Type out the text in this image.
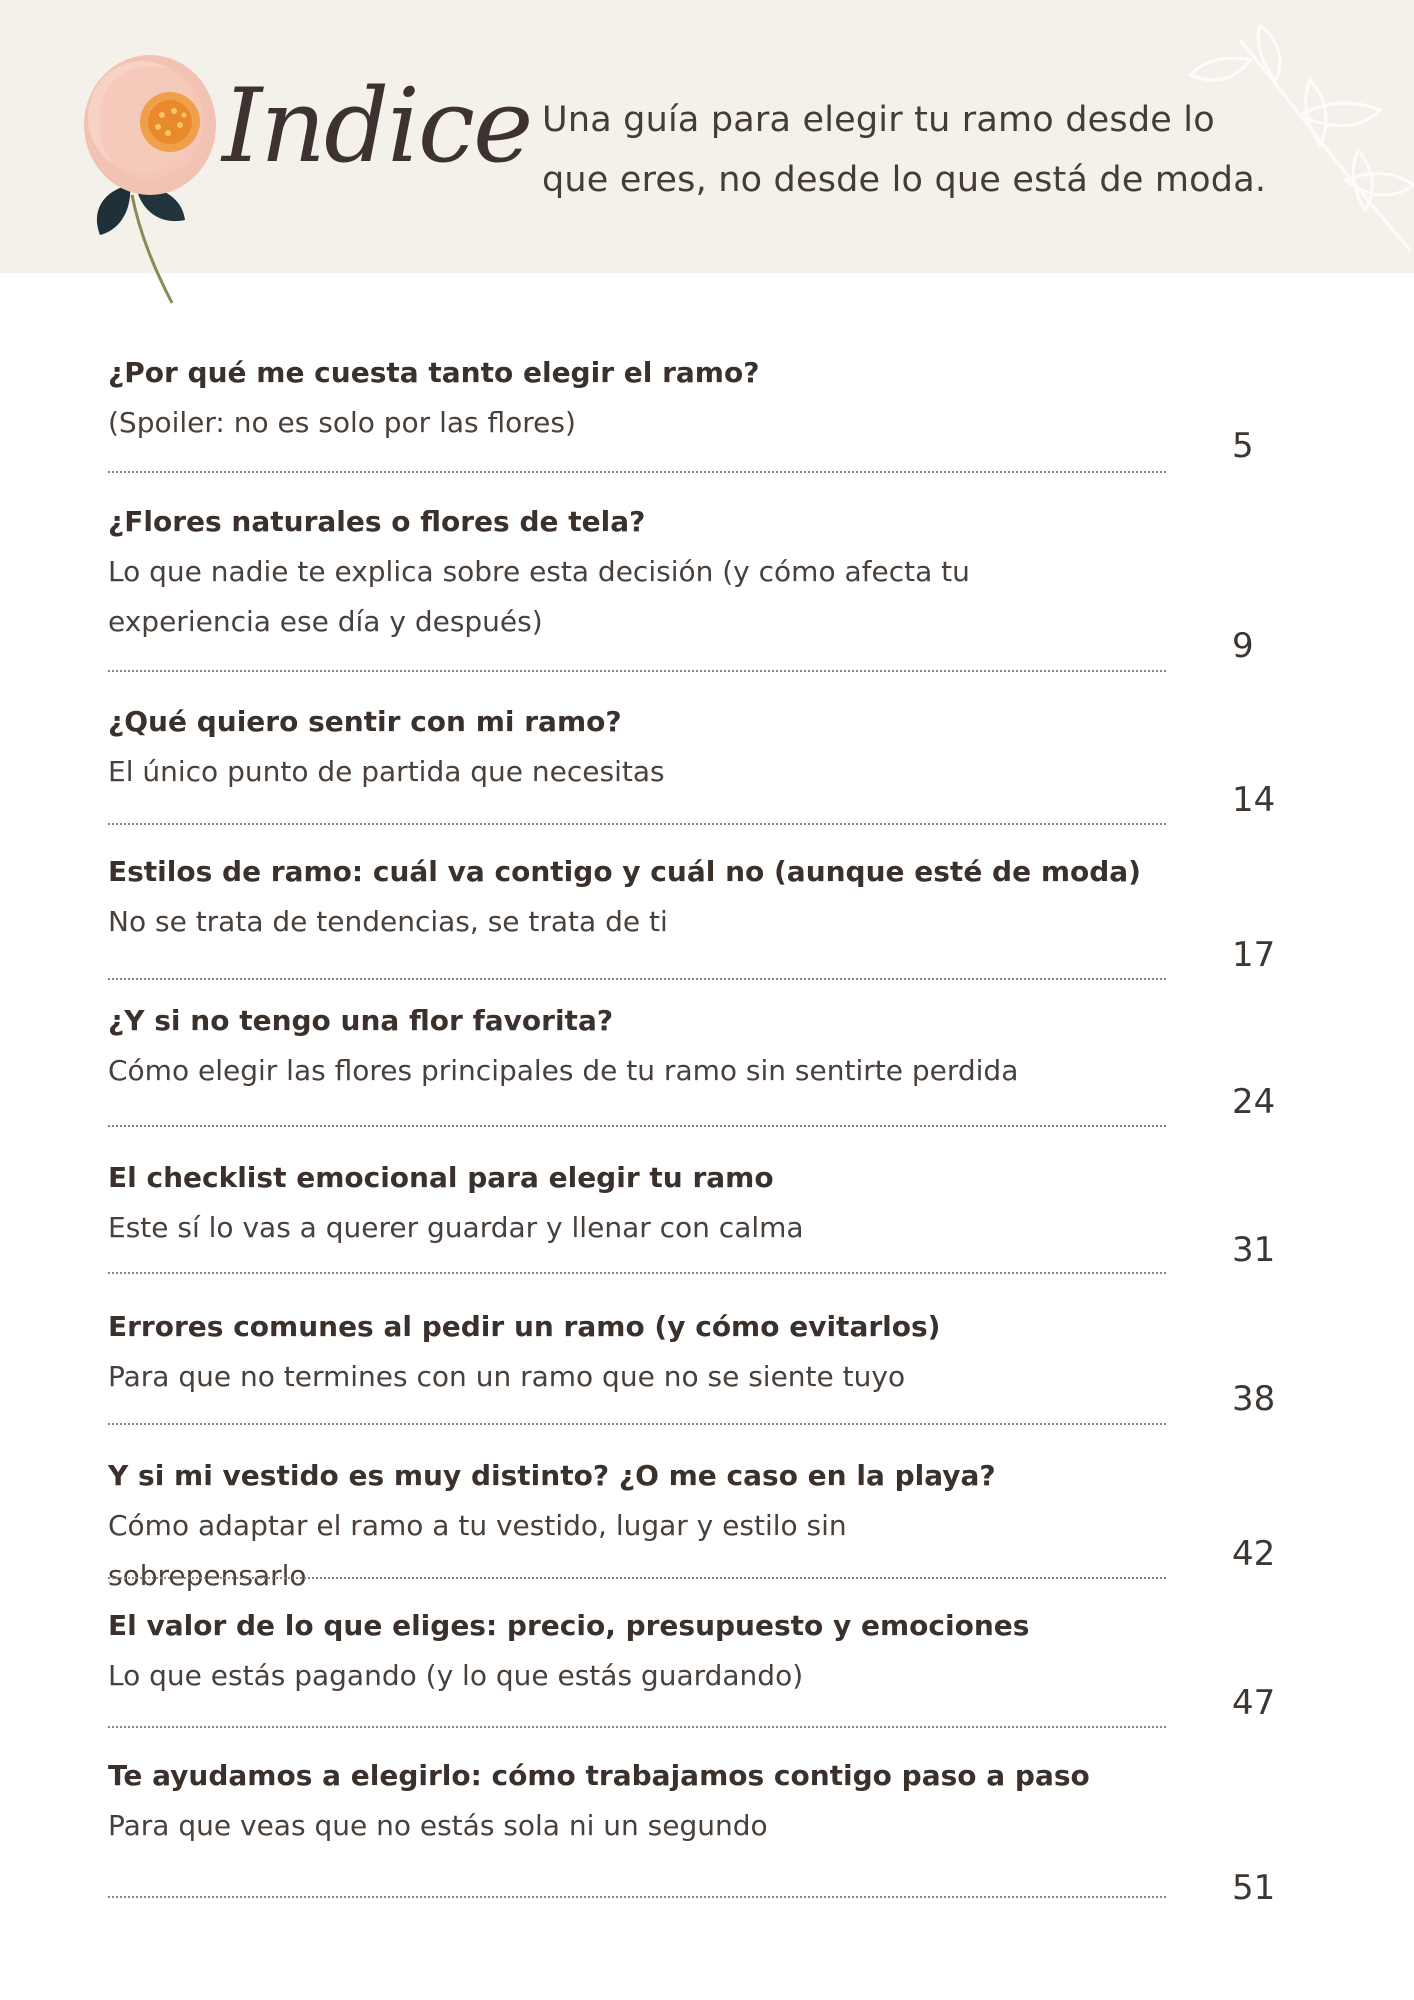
Indice Una guía para elegir tu ramo desde lo
que eres, no desde lo que está de moda.
¿Por qué me cuesta tanto elegir el ramo?
(Spoiler: no es solo por las flores)
5
¿Flores naturales o flores de tela?
Lo que nadie te explica sobre esta decisión (y cómo afecta tu experiencia ese día y después)
9
¿Qué quiero sentir con mi ramo?
El único punto de partida que necesitas
14
Estilos de ramo: cuál va contigo y cuál no (aunque esté de moda)
No se trata de tendencias, se trata de ti
17
¿Y si no tengo una flor favorita?
Cómo elegir las flores principales de tu ramo sin sentirte perdida
24
El checklist emocional para elegir tu ramo
Este sí lo vas a querer guardar y llenar con calma
31
Errores comunes al pedir un ramo (y cómo evitarlos)
Para que no termines con un ramo que no se siente tuyo
38
Y si mi vestido es muy distinto? ¿O me caso en la playa?
Cómo adaptar el ramo a tu vestido, lugar y estilo sin sobrepensarlo
42
El valor de lo que eliges: precio, presupuesto y emociones
Lo que estás pagando (y lo que estás guardando)
47
Te ayudamos a elegirlo: cómo trabajamos contigo paso a paso
Para que veas que no estás sola ni un segundo
51
